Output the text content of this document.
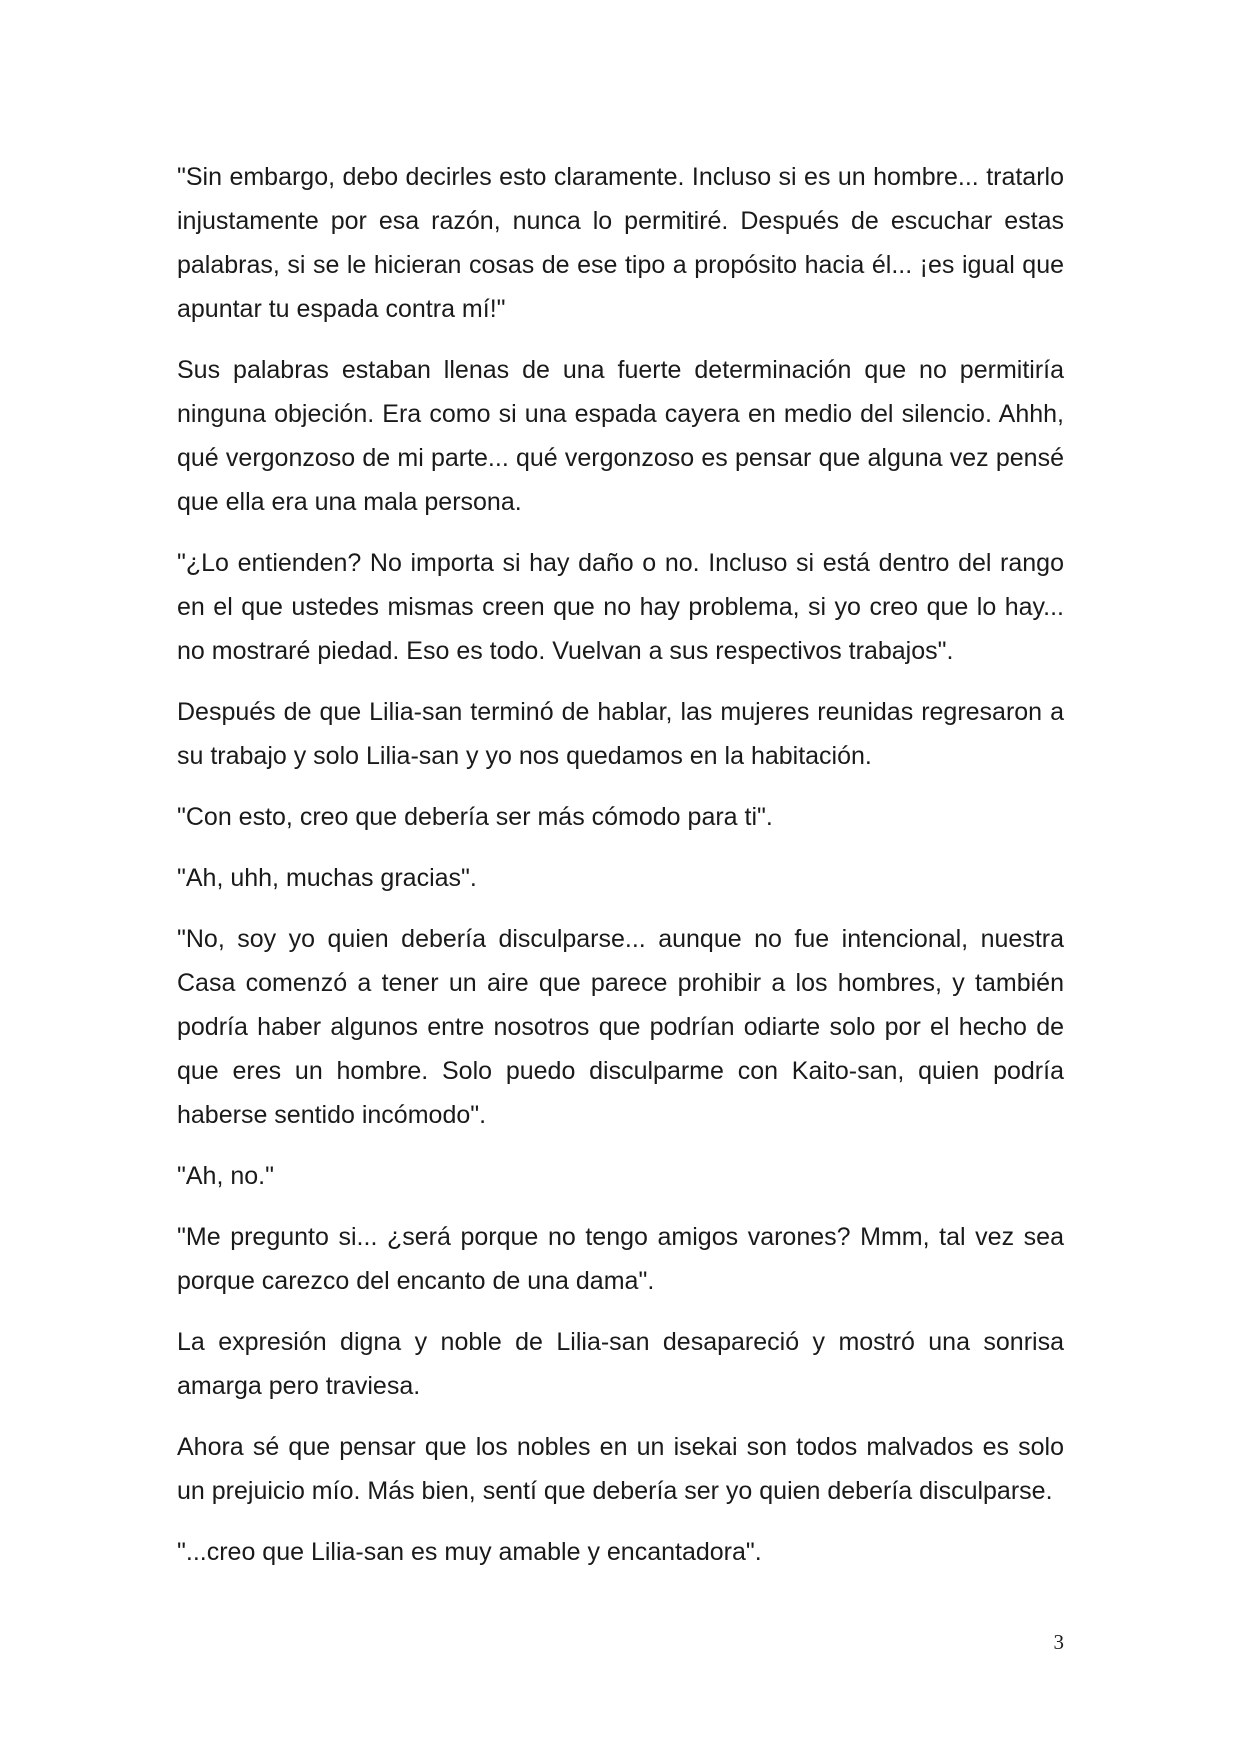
"Sin embargo, debo decirles esto claramente. Incluso si es un hombre... tratarlo injustamente por esa razón, nunca lo permitiré. Después de escuchar estas palabras, si se le hicieran cosas de ese tipo a propósito hacia él... ¡es igual que apuntar tu espada contra mí!"

Sus palabras estaban llenas de una fuerte determinación que no permitiría ninguna objeción. Era como si una espada cayera en medio del silencio. Ahhh, qué vergonzoso de mi parte... qué vergonzoso es pensar que alguna vez pensé que ella era una mala persona.

"¿Lo entienden? No importa si hay daño o no. Incluso si está dentro del rango en el que ustedes mismas creen que no hay problema, si yo creo que lo hay... no mostraré piedad. Eso es todo. Vuelvan a sus respectivos trabajos".

Después de que Lilia-san terminó de hablar, las mujeres reunidas regresaron a su trabajo y solo Lilia-san y yo nos quedamos en la habitación.

"Con esto, creo que debería ser más cómodo para ti".

"Ah, uhh, muchas gracias".

"No, soy yo quien debería disculparse... aunque no fue intencional, nuestra Casa comenzó a tener un aire que parece prohibir a los hombres, y también podría haber algunos entre nosotros que podrían odiarte solo por el hecho de que eres un hombre. Solo puedo disculparme con Kaito-san, quien podría haberse sentido incómodo".

"Ah, no."

"Me pregunto si... ¿será porque no tengo amigos varones? Mmm, tal vez sea porque carezco del encanto de una dama".

La expresión digna y noble de Lilia-san desapareció y mostró una sonrisa amarga pero traviesa.

Ahora sé que pensar que los nobles en un isekai son todos malvados es solo un prejuicio mío. Más bien, sentí que debería ser yo quien debería disculparse.

"...creo que Lilia-san es muy amable y encantadora".

3
